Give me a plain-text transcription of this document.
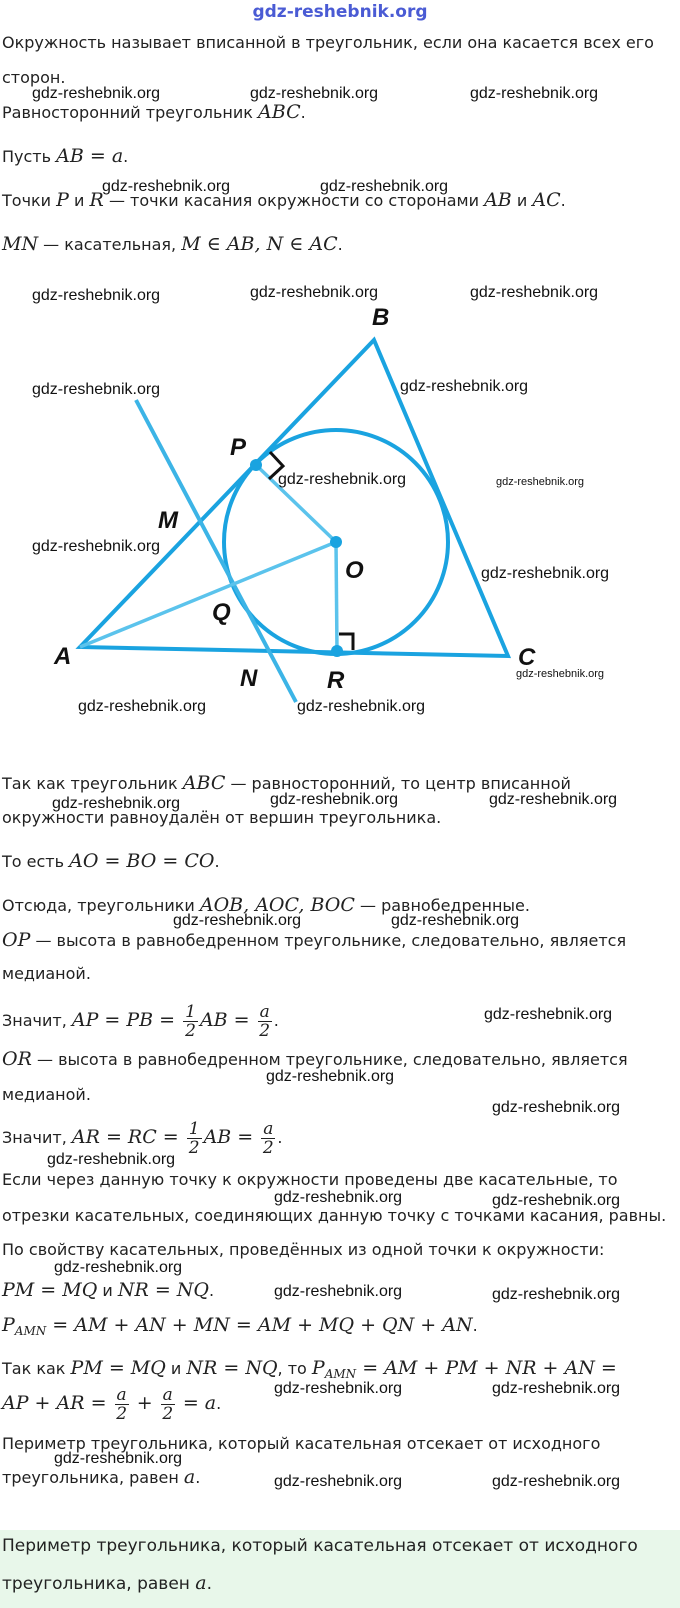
gdz-reshebnik.org
Окружность называет вписанной в треугольник, если она касается всех его
сторон.
Равносторонний треугольник ABC.
Пусть AB = a.
Точки P и R — точки касания окружности со сторонами AB и AC.
MN — касательная, M ∈ AB, N ∈ AC.
A
B
C
O
P
R
M
N
Q
Так как треугольник ABC — равносторонний, то центр вписанной
окружности равноудалён от вершин треугольника.
То есть AO = BO = CO.
Отсюда, треугольники AOB, AOC, BOC — равнобедренные.
OP — высота в равнобедренном треугольнике, следовательно, является
медианой.
Значит, AP = PB = $\frac{1}{2}$ AB = $\frac{a}{2}$ .
OR — высота в равнобедренном треугольнике, следовательно, является
медианой.
Значит, AR = RC = $\frac{1}{2}$ AB = $\frac{a}{2}$ .
Если через данную точку к окружности проведены две касательные, то
отрезки касательных, соединяющих данную точку с точками касания, равны.
По свойству касательных, проведённых из одной точки к окружности:
PM = MQ и NR = NQ.
$P_{AMN}$ = AM + AN + MN = AM + MQ + QN + AN.
Так как PM = MQ и NR = NQ, то $P_{AMN}$ = AM + PM + NR + AN =
AP + AR = $\frac{a}{2} + \frac{a}{2} = a$.
Периметр треугольника, который касательная отсекает от исходного
треугольника, равен a.
Периметр треугольника, который касательная отсекает от исходного
треугольника, равен a.
gdz-reshebnik.org	gdz-reshebnik.org	gdz-reshebnik.org
gdz-reshebnik.org	gdz-reshebnik.org
gdz-reshebnik.org	gdz-reshebnik.org	gdz-reshebnik.org
gdz-reshebnik.org	gdz-reshebnik.org
gdz-reshebnik.org	gdz-reshebnik.org
gdz-reshebnik.org
gdz-reshebnik.org
gdz-reshebnik.org
gdz-reshebnik.org	gdz-reshebnik.org
gdz-reshebnik.org	gdz-reshebnik.org	gdz-reshebnik.org
gdz-reshebnik.org	gdz-reshebnik.org
gdz-reshebnik.org
gdz-reshebnik.org
gdz-reshebnik.org
gdz-reshebnik.org
gdz-reshebnik.org	gdz-reshebnik.org
gdz-reshebnik.org
gdz-reshebnik.org	gdz-reshebnik.org
gdz-reshebnik.org	gdz-reshebnik.org
gdz-reshebnik.org
gdz-reshebnik.org	gdz-reshebnik.org
